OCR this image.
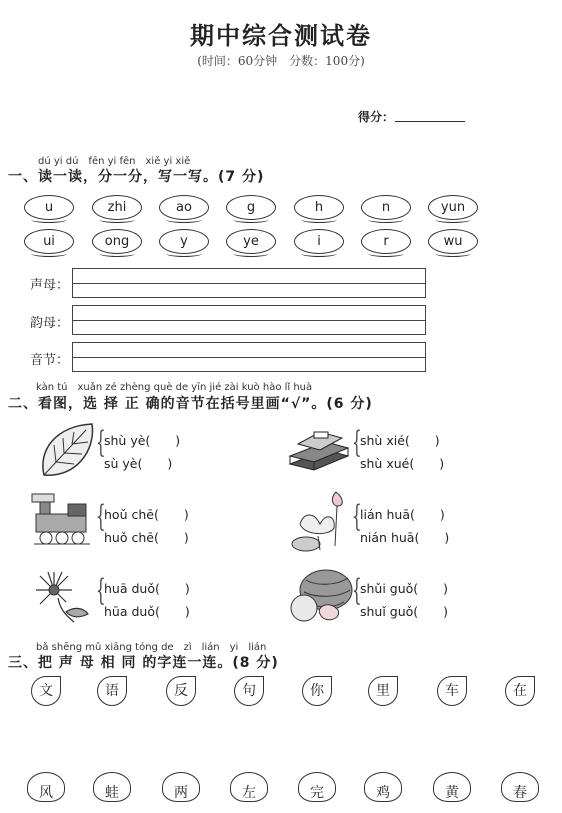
期中综合测试卷
(时间：60分钟　分数：100分)
得分：
dú yi dú　fēn yi fēn　xiě yi xiě
一、读一读，分一分，写一写。(7 分)
u	zhi	ao	g	h	n	yun
ui	ong	y	ye	i	r	wu
声母：
韵母：
音节：
kàn tú　xuǎn zé zhèng què de yīn jié zài kuò hào lǐ huà
二、看图，选 择 正 确的音节在括号里画“√”。(6 分)
{
shù yè(　　)
sù yè(　　)
{
shù xié(　　)
shù xué(　　)
{
hoǔ chē(　　)
huǒ chē(　　)
{
lián huā(　　)
nián huā(　　)
{
huā duǒ(　　)
hūa duǒ(　　)
{
shǔi guǒ(　　)
shuǐ guǒ(　　)
bǎ shēng mǔ xiāng tóng de　zì　lián　yi　lián
三、把 声 母 相 同 的字连一连。(8 分)
文	语	反	句	你	里	车	在
风	蛙	两	左	完	鸡	黄	春
